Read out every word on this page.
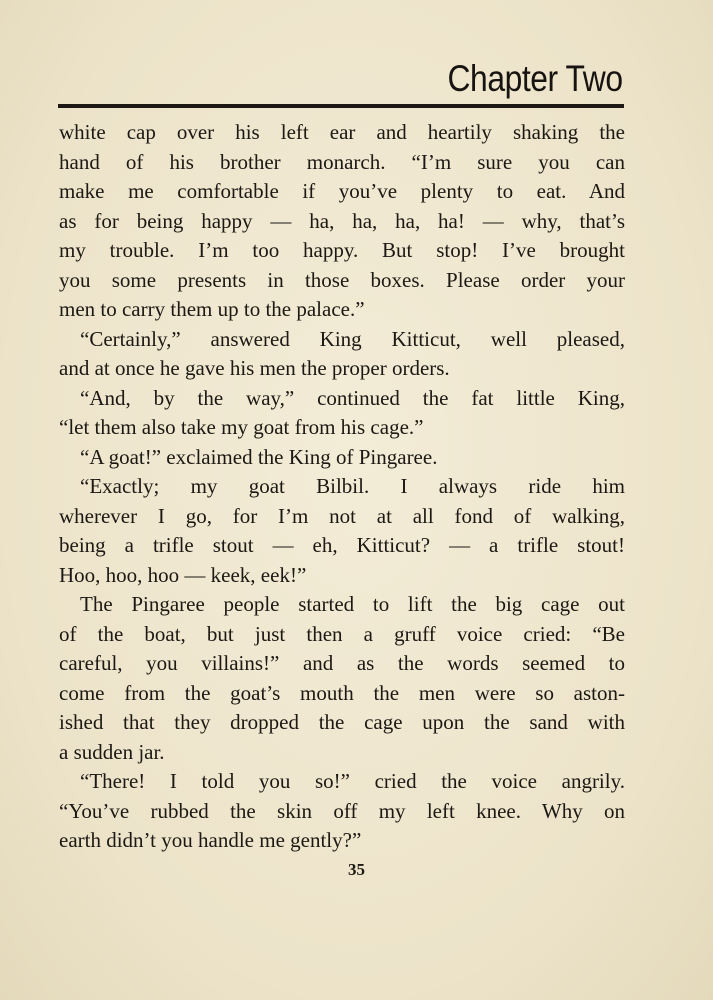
Chapter Two
white cap over his left ear and heartily shaking the
hand of his brother monarch. “I’m sure you can
make me comfortable if you’ve plenty to eat. And
as for being happy — ha, ha, ha, ha! — why, that’s
my trouble. I’m too happy. But stop! I’ve brought
you some presents in those boxes. Please order your
men to carry them up to the palace.”
“Certainly,” answered King Kitticut, well pleased,
and at once he gave his men the proper orders.
“And, by the way,” continued the fat little King,
“let them also take my goat from his cage.”
“A goat!” exclaimed the King of Pingaree.
“Exactly; my goat Bilbil. I always ride him
wherever I go, for I’m not at all fond of walking,
being a trifle stout — eh, Kitticut? — a trifle stout!
Hoo, hoo, hoo — keek, eek!”
The Pingaree people started to lift the big cage out
of the boat, but just then a gruff voice cried: “Be
careful, you villains!” and as the words seemed to
come from the goat’s mouth the men were so aston-
ished that they dropped the cage upon the sand with
a sudden jar.
“There! I told you so!” cried the voice angrily.
“You’ve rubbed the skin off my left knee. Why on
earth didn’t you handle me gently?”
35
